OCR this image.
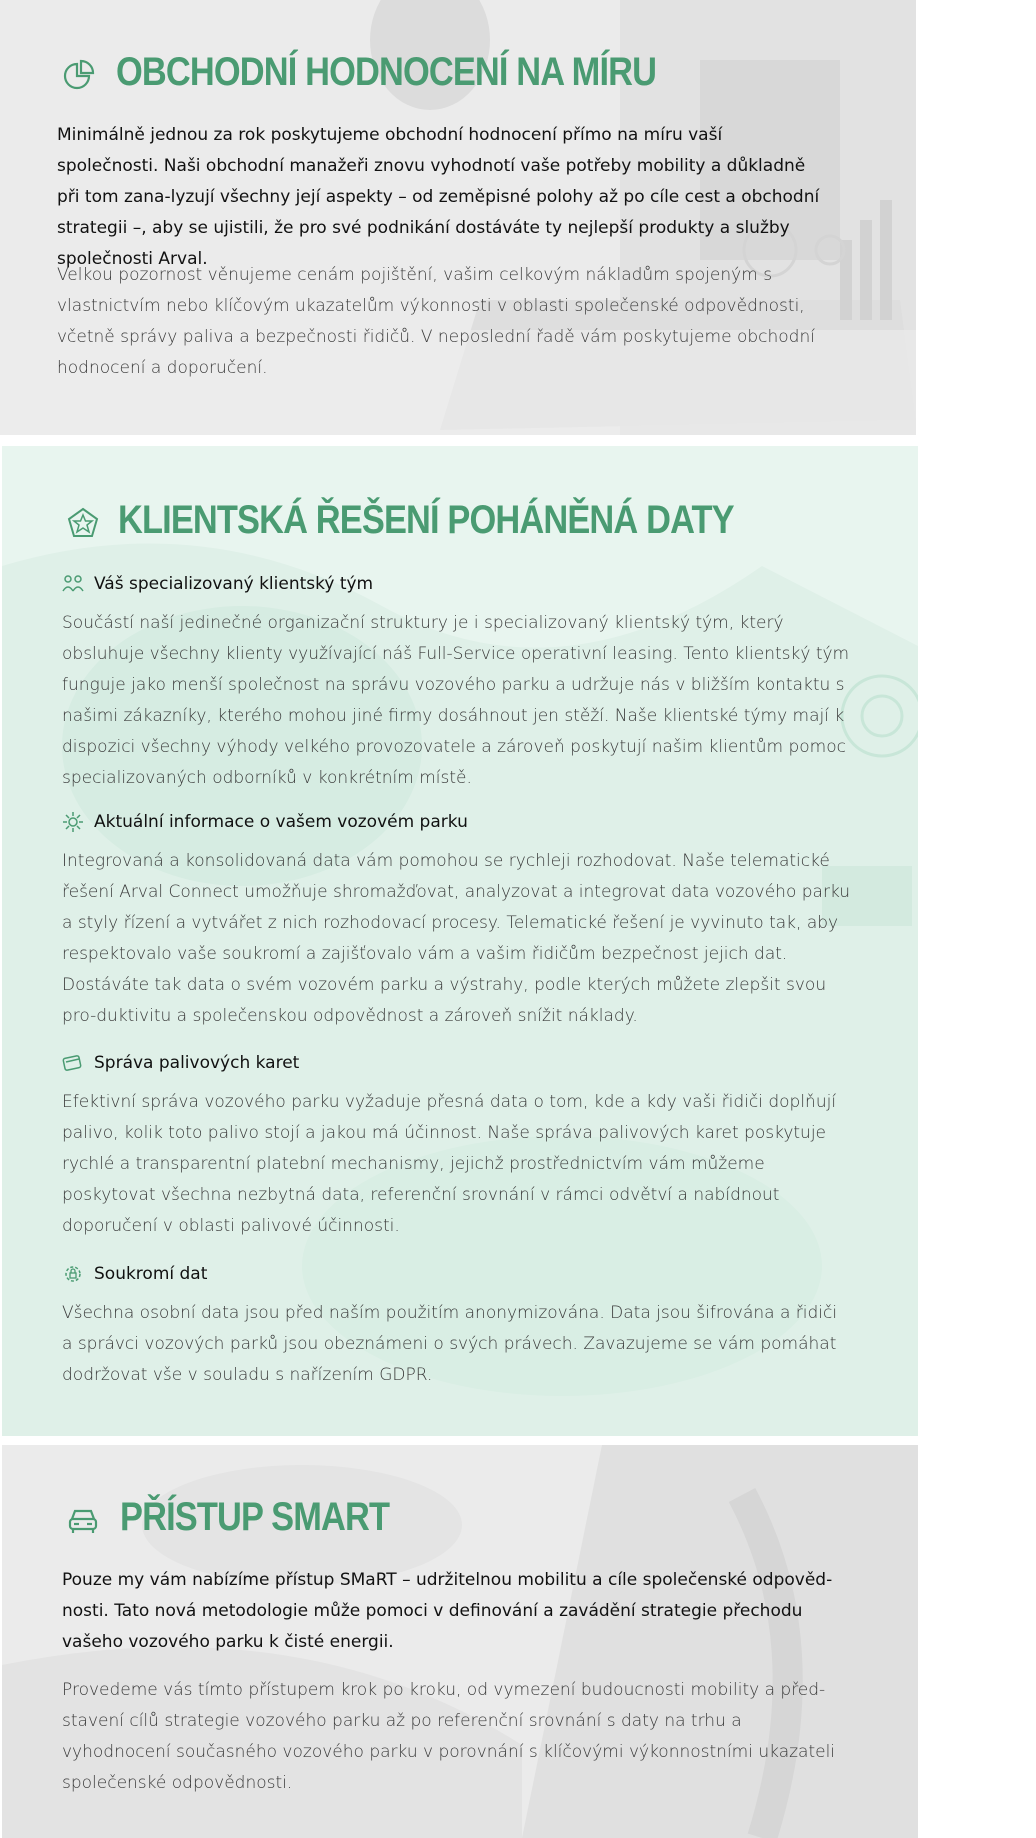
OBCHODNÍ HODNOCENÍ NA MÍRU

Minimálně jednou za rok poskytujeme obchodní hodnocení přímo na míru vaší společnosti. Naši obchodní manažeři znovu vyhodnotí vaše potřeby mobility a důkladně při tom zana-lyzují všechny její aspekty – od zeměpisné polohy až po cíle cest a obchodní strategii –, aby se ujistili, že pro své podnikání dostáváte ty nejlepší produkty a služby společnosti Arval.

Velkou pozornost věnujeme cenám pojištění, vašim celkovým nákladům spojeným s vlastnictvím nebo klíčovým ukazatelům výkonnosti v oblasti společenské odpovědnosti, včetně správy paliva a bezpečnosti řidičů. V neposlední řadě vám poskytujeme obchodní hodnocení a doporučení.

KLIENTSKÁ ŘEŠENÍ POHÁNĚNÁ DATY
Váš specializovaný klientský tým

Součástí naší jedinečné organizační struktury je i specializovaný klientský tým, který obsluhuje všechny klienty využívající náš Full-Service operativní leasing. Tento klientský tým funguje jako menší společnost na správu vozového parku a udržuje nás v bližším kontaktu s našimi zákazníky, kterého mohou jiné firmy dosáhnout jen stěží. Naše klientské týmy mají k dispozici všechny výhody velkého provozovatele a zároveň poskytují našim klientům pomoc specializovaných odborníků v konkrétním místě.

Aktuální informace o vašem vozovém parku

Integrovaná a konsolidovaná data vám pomohou se rychleji rozhodovat. Naše telematické řešení Arval Connect umožňuje shromažďovat, analyzovat a integrovat data vozového parku a styly řízení a vytvářet z nich rozhodovací procesy. Telematické řešení je vyvinuto tak, aby respektovalo vaše soukromí a zajišťovalo vám a vašim řidičům bezpečnost jejich dat. Dostáváte tak data o svém vozovém parku a výstrahy, podle kterých můžete zlepšit svou pro-duktivitu a společenskou odpovědnost a zároveň snížit náklady.

Správa palivových karet

Efektivní správa vozového parku vyžaduje přesná data o tom, kde a kdy vaši řidiči doplňují palivo, kolik toto palivo stojí a jakou má účinnost. Naše správa palivových karet poskytuje rychlé a transparentní platební mechanismy, jejichž prostřednictvím vám můžeme poskytovat všechna nezbytná data, referenční srovnání v rámci odvětví a nabídnout doporučení v oblasti palivové účinnosti.

Soukromí dat

Všechna osobní data jsou před naším použitím anonymizována. Data jsou šifrována a řidiči a správci vozových parků jsou obeznámeni o svých právech. Zavazujeme se vám pomáhat dodržovat vše v souladu s nařízením GDPR.

PŘÍSTUP SMART

Pouze my vám nabízíme přístup SMaRT – udržitelnou mobilitu a cíle společenské odpověd-nosti. Tato nová metodologie může pomoci v definování a zavádění strategie přechodu vašeho vozového parku k čisté energii.

Provedeme vás tímto přístupem krok po kroku, od vymezení budoucnosti mobility a před-stavení cílů strategie vozového parku až po referenční srovnání s daty na trhu a vyhodnocení současného vozového parku v porovnání s klíčovými výkonnostními ukazateli společenské odpovědnosti.
